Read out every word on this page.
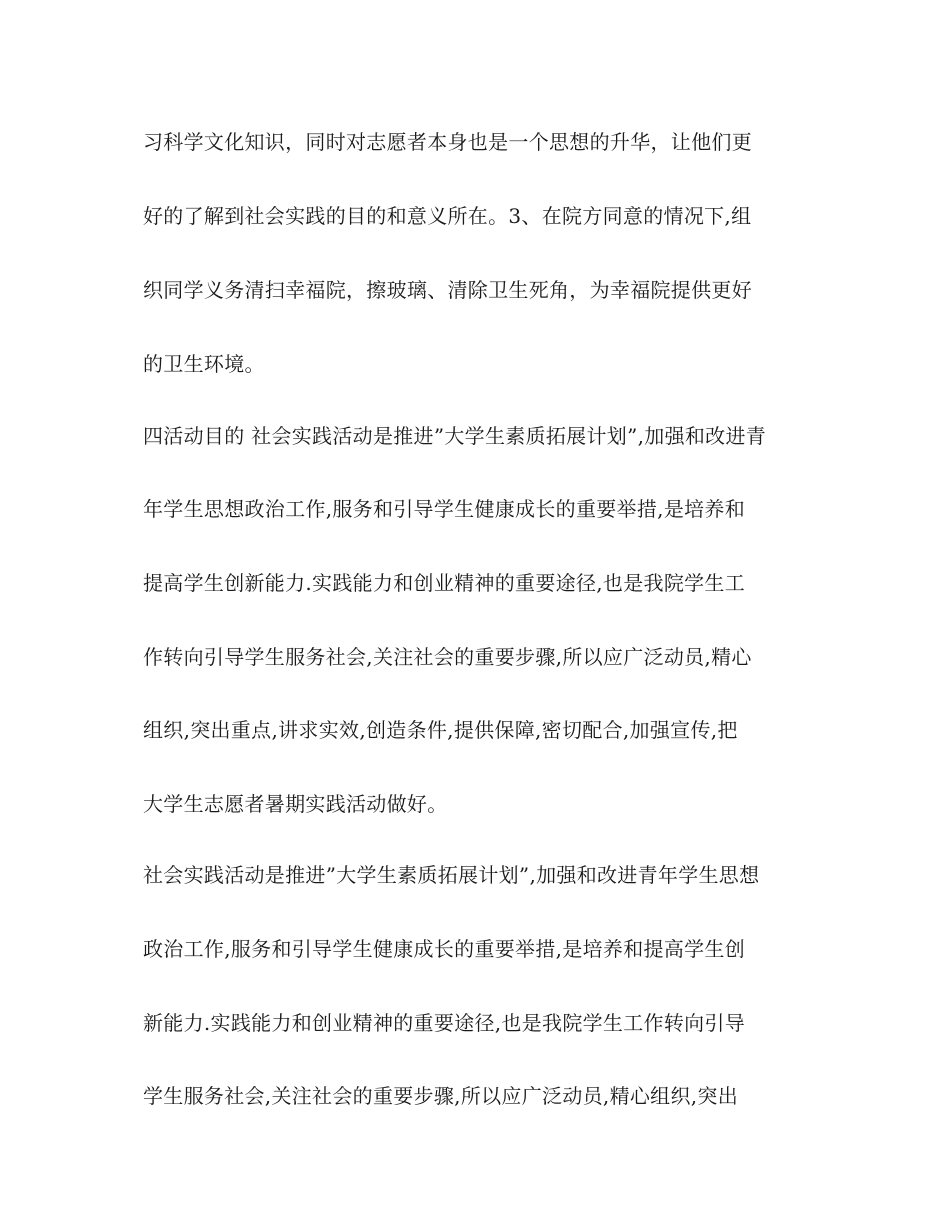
习科学文化知识，同时对志愿者本身也是一个思想的升华，让他们更
好的了解到社会实践的目的和意义所在。3、在院方同意的情况下,组
织同学义务清扫幸福院，擦玻璃、清除卫生死角，为幸福院提供更好
的卫生环境。
四活动目的 社会实践活动是推进”大学生素质拓展计划”,加强和改进青
年学生思想政治工作,服务和引导学生健康成长的重要举措,是培养和
提高学生创新能力.实践能力和创业精神的重要途径,也是我院学生工
作转向引导学生服务社会,关注社会的重要步骤,所以应广泛动员,精心
组织,突出重点,讲求实效,创造条件,提供保障,密切配合,加强宣传,把
大学生志愿者暑期实践活动做好。
社会实践活动是推进”大学生素质拓展计划”,加强和改进青年学生思想
政治工作,服务和引导学生健康成长的重要举措,是培养和提高学生创
新能力.实践能力和创业精神的重要途径,也是我院学生工作转向引导
学生服务社会,关注社会的重要步骤,所以应广泛动员,精心组织,突出
